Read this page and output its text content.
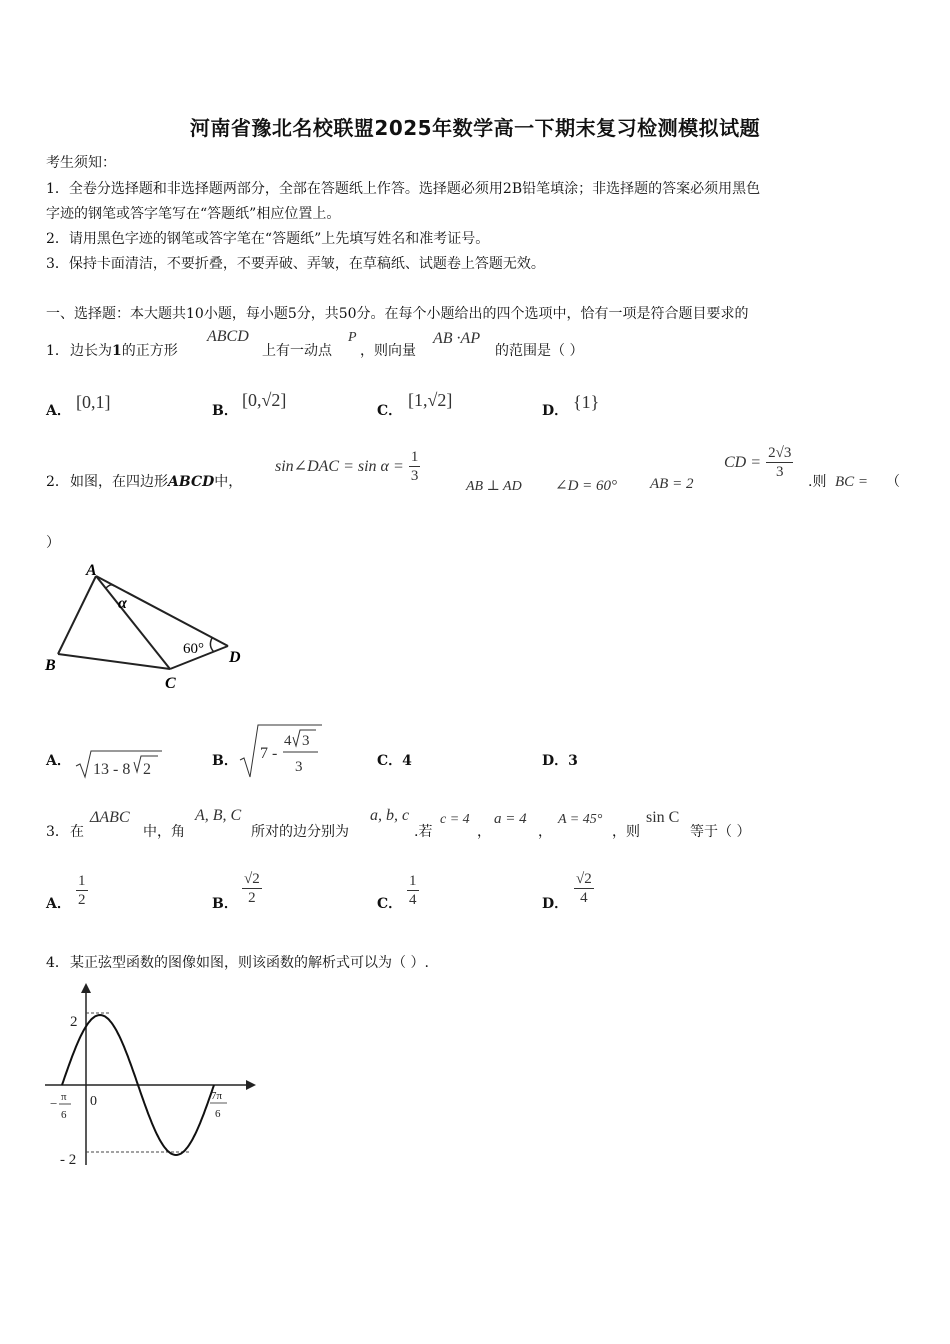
河南省豫北名校联盟2025年数学高一下期末复习检测模拟试题
考生须知：
1．全卷分选择题和非选择题两部分，全部在答题纸上作答。选择题必须用2B铅笔填涂；非选择题的答案必须用黑色
字迹的钢笔或答字笔写在“答题纸”相应位置上。
2．请用黑色字迹的钢笔或答字笔在“答题纸”上先填写姓名和准考证号。
3．保持卡面清洁，不要折叠，不要弄破、弄皱，在草稿纸、试题卷上答题无效。
一、选择题：本大题共10小题，每小题5分，共50分。在每个小题给出的四个选项中，恰有一项是符合题目要求的
1． 边长为1的正方形
ABCD
上有一动点
P
，则向量
AB ·AP
的范围是（ ）
A． [0,1]	B．
[0,√2]
C．
[1,√2]
D． {1}
2． 如图，在四边形ABCD中，
sin∠DAC = $\sin \alpha = \frac{1}{3}$
AB ⊥ AD ∠D = 60° AB = 2
CD = $\frac{2√3}{3}$
.则 BC = （
）
A
B
C
D
α
60°
A． 13 - 8 2	B． 7 -
4 3
3	C．4	D．3
3． 在
ΔABC
中，角
A, B, C
所对的边分别为
a, b, c
.若
c = 4
，
a = 4
，
A = 45°
，则
sin C
等于（ ）
A． $\frac{1}{2}$	B． $\frac{√2}{2}$	C． $\frac{1}{4}$	D． $\frac{√2}{4}$
4． 某正弦型函数的图像如图，则该函数的解析式可以为（ ）.
2
- 2
0
− π
6
7π
6
